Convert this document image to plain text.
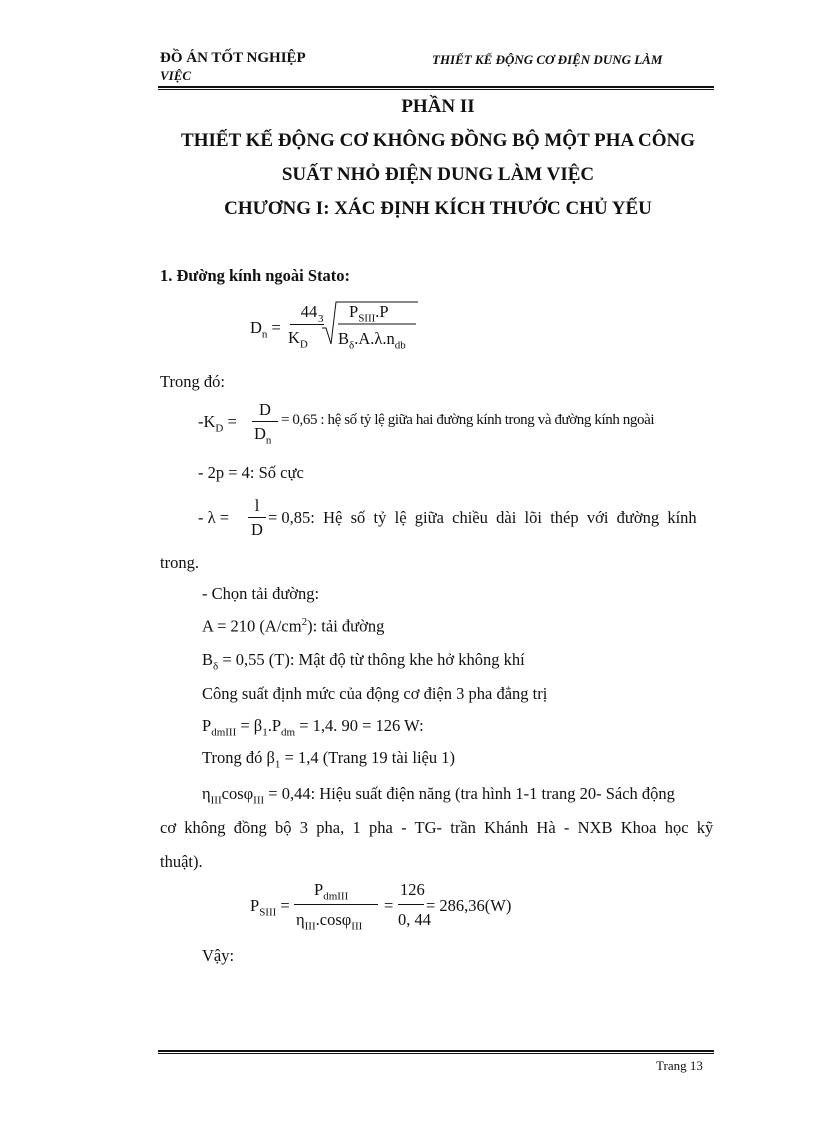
ĐỒ ÁN TỐT NGHIỆP
VIỆC
THIẾT KẾ ĐỘNG CƠ ĐIỆN DUNG LÀM
PHẦN II
THIẾT KẾ ĐỘNG CƠ KHÔNG ĐỒNG BỘ MỘT PHA CÔNG
SUẤT NHỎ ĐIỆN DUNG LÀM VIỆC
CHƯƠNG I: XÁC ĐỊNH KÍCH THƯỚC CHỦ YẾU
1. Đường kính ngoài Stato:
$D_n$ =
44
$K_D$
3 $P_{SIII}.P$
$B_\delta.A.\lambda.n_{db}$
Trong đó:
$-K_D$ =
D
$D_n$
= 0,65 : hệ số tỷ lệ giữa hai đường kính trong và đường kính ngoài
- 2p = 4: Số cực
- λ =
l
D
= 0,85:  Hệ  số  tỷ  lệ  giữa  chiều  dài  lõi  thép  với  đường  kính
trong.
- Chọn tải đường:
A = 210 $(A/cm^2)$: tải đường
$B_\delta = 0,55$ (T): Mật độ từ thông khe hở không khí
Công suất định mức của động cơ điện 3 pha đẳng trị
$P_{dmIII} = \beta_1.P_{dm} = 1,4$. 90 = 126 W:
Trong đó $\beta_1 = 1,4$ (Trang 19 tài liệu 1)
$\eta_{III}\cos\varphi_{III} = 0,44$: Hiệu suất điện năng (tra hình 1-1 trang 20- Sách động
cơ  không  đồng  bộ  3  pha,  1  pha  -  TG-  trần  Khánh  Hà  -  NXB  Khoa  học  kỹ
thuật).
$P_{SIII}$ =
$P_{dmIII}$
$\eta_{III}.\cos\varphi_{III}$
=
126
0, 44
= 286,36(W)
Vậy:
Trang 13
